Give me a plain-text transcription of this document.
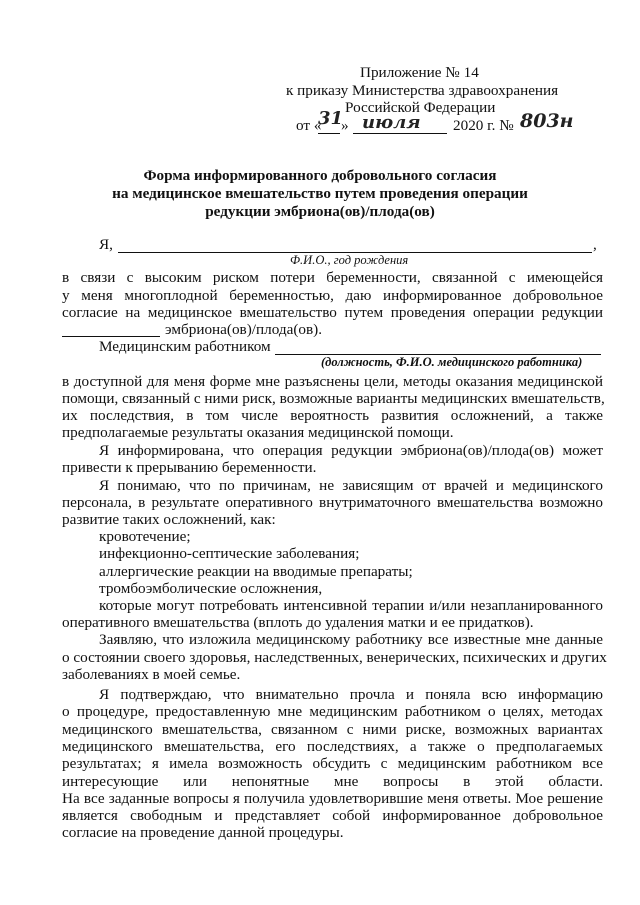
Приложение № 14
к приказу Министерства здравоохранения
Российской Федерации
от «
31
» июля 2020 г. № 803н
Форма информированного добровольного согласия
на медицинское вмешательство путем проведения операции
редукции эмбриона(ов)/плода(ов)
Я,	,
Ф.И.О., год рождения
в связи с высоким риском потери беременности, связанной с имеющейся
у меня многоплодной беременностью, даю информированное добровольное
согласие на медицинское вмешательство путем проведения операции редукции
эмбриона(ов)/плода(ов).
Медицинским работником
(должность, Ф.И.О. медицинского работника)
в доступной для меня форме мне разъяснены цели, методы оказания медицинской
помощи, связанный с ними риск, возможные варианты медицинских вмешательств,
их последствия, в том числе вероятность развития осложнений, а также
предполагаемые результаты оказания медицинской помощи.
Я информирована, что операция редукции эмбриона(ов)/плода(ов) может
привести к прерыванию беременности.
Я понимаю, что по причинам, не зависящим от врачей и медицинского
персонала, в результате оперативного внутриматочного вмешательства возможно
развитие таких осложнений, как:
кровотечение;
инфекционно-септические заболевания;
аллергические реакции на вводимые препараты;
тромбоэмболические осложнения,
которые могут потребовать интенсивной терапии и/или незапланированного
оперативного вмешательства (вплоть до удаления матки и ее придатков).
Заявляю, что изложила медицинскому работнику все известные мне данные
о состоянии своего здоровья, наследственных, венерических, психических и других
заболеваниях в моей семье.
Я подтверждаю, что внимательно прочла и поняла всю информацию
о процедуре, предоставленную мне медицинским работником о целях, методах
медицинского вмешательства, связанном с ними риске, возможных вариантах
медицинского вмешательства, его последствиях, а также о предполагаемых
результатах; я имела возможность обсудить с медицинским работником все
интересующие или непонятные мне вопросы в этой области.
На все заданные вопросы я получила удовлетворившие меня ответы. Мое решение
является свободным и представляет собой информированное добровольное
согласие на проведение данной процедуры.
